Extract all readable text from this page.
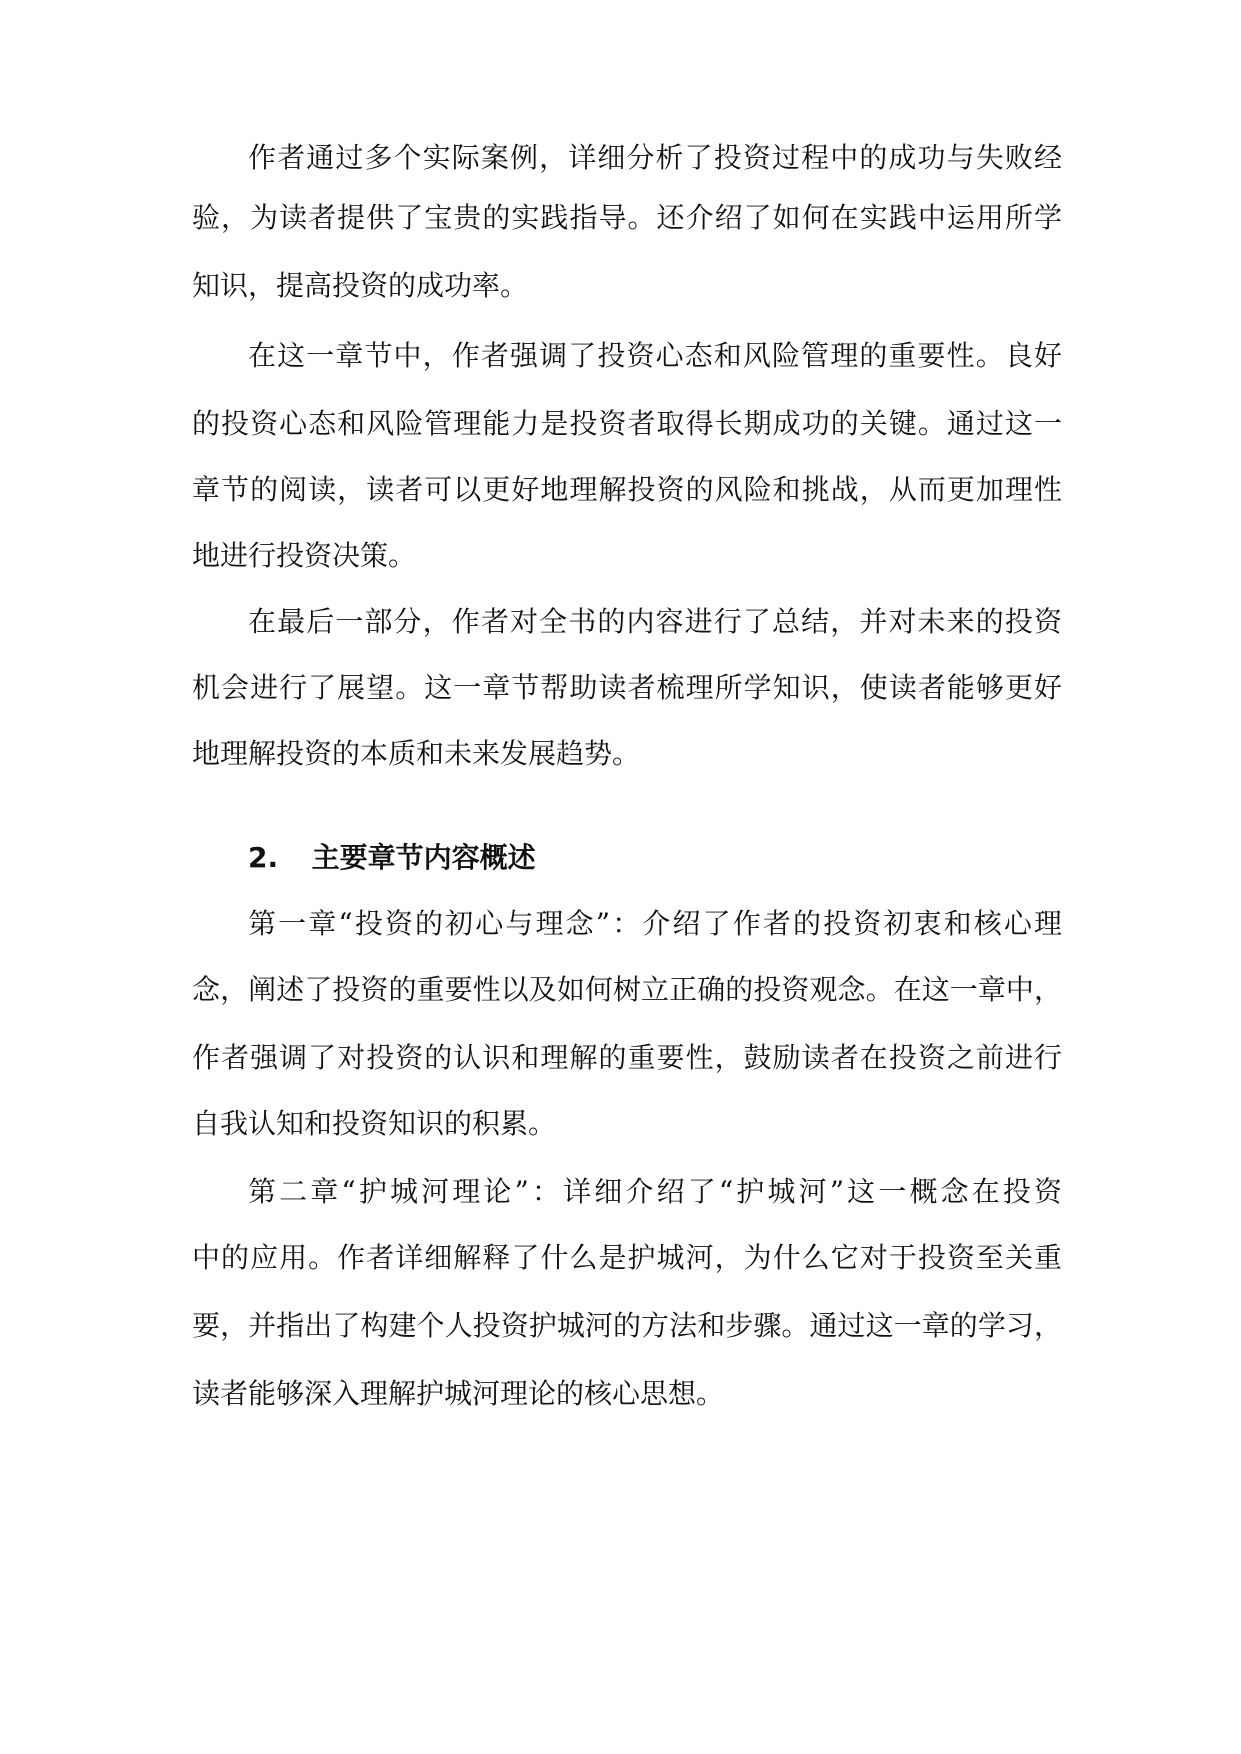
作者通过多个实际案例，详细分析了投资过程中的成功与失败经
验，为读者提供了宝贵的实践指导。还介绍了如何在实践中运用所学
知识，提高投资的成功率。
在这一章节中，作者强调了投资心态和风险管理的重要性。良好
的投资心态和风险管理能力是投资者取得长期成功的关键。通过这一
章节的阅读，读者可以更好地理解投资的风险和挑战，从而更加理性
地进行投资决策。
在最后一部分，作者对全书的内容进行了总结，并对未来的投资
机会进行了展望。这一章节帮助读者梳理所学知识，使读者能够更好
地理解投资的本质和未来发展趋势。
2. 主要章节内容概述
第一章“投资的初心与理念”：介绍了作者的投资初衷和核心理
念，阐述了投资的重要性以及如何树立正确的投资观念。在这一章中，
作者强调了对投资的认识和理解的重要性，鼓励读者在投资之前进行
自我认知和投资知识的积累。
第二章“护城河理论”：详细介绍了“护城河”这一概念在投资
中的应用。作者详细解释了什么是护城河，为什么它对于投资至关重
要，并指出了构建个人投资护城河的方法和步骤。通过这一章的学习，
读者能够深入理解护城河理论的核心思想。
